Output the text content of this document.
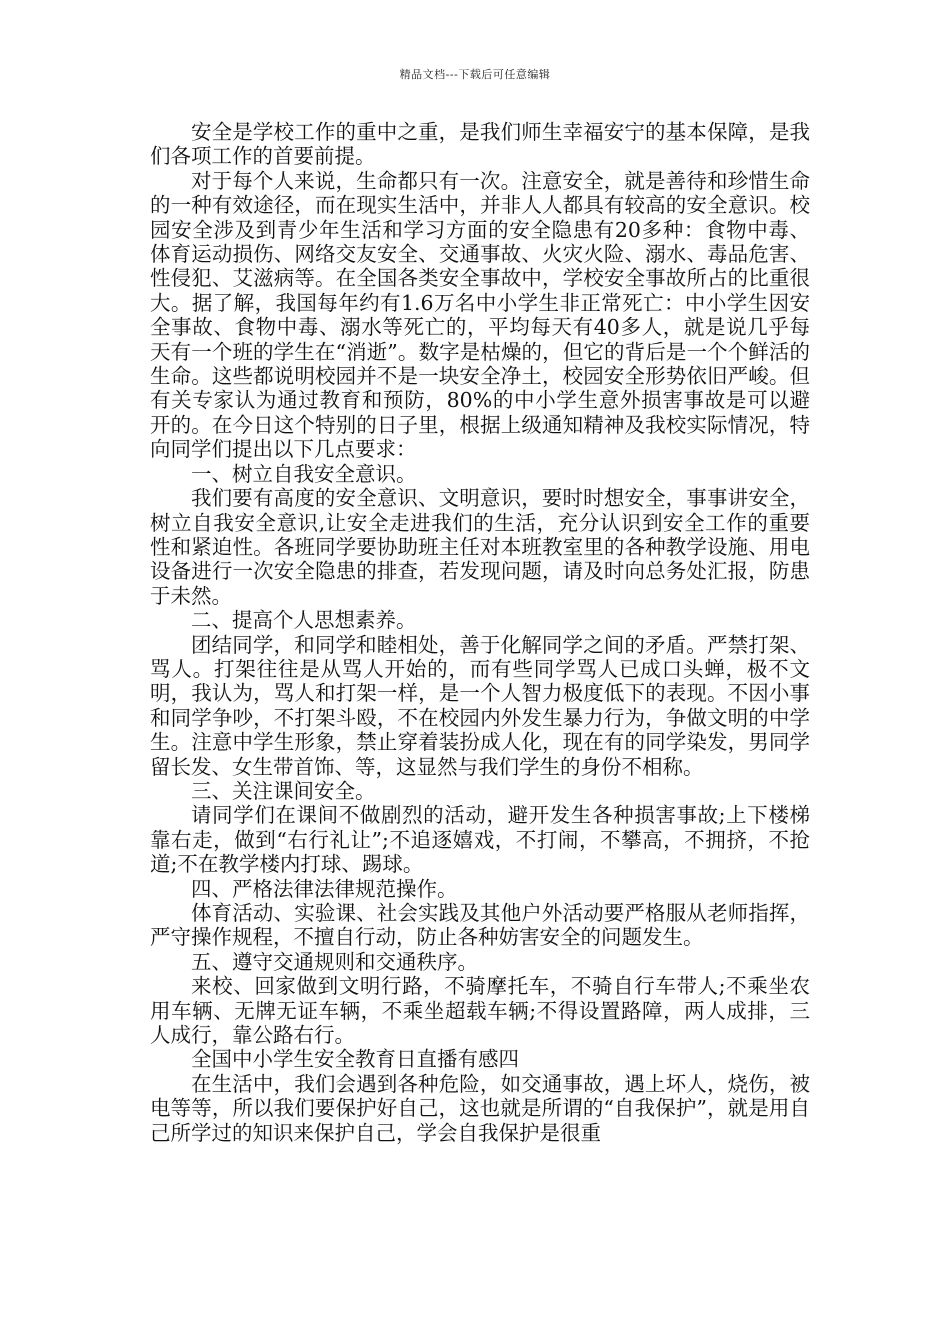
精品文档---下载后可任意编辑

安全是学校工作的重中之重，是我们师生幸福安宁的基本保障，是我们各项工作的首要前提。

对于每个人来说，生命都只有一次。注意安全，就是善待和珍惜生命的一种有效途径，而在现实生活中，并非人人都具有较高的安全意识。校园安全涉及到青少年生活和学习方面的安全隐患有20多种：食物中毒、体育运动损伤、网络交友安全、交通事故、火灾火险、溺水、毒品危害、性侵犯、艾滋病等。在全国各类安全事故中，学校安全事故所占的比重很大。据了解，我国每年约有1.6万名中小学生非正常死亡：中小学生因安全事故、食物中毒、溺水等死亡的，平均每天有40多人，就是说几乎每天有一个班的学生在“消逝”。数字是枯燥的，但它的背后是一个个鲜活的生命。这些都说明校园并不是一块安全净土，校园安全形势依旧严峻。但有关专家认为通过教育和预防，80%的中小学生意外损害事故是可以避开的。在今日这个特别的日子里，根据上级通知精神及我校实际情况，特向同学们提出以下几点要求：

一、树立自我安全意识。

我们要有高度的安全意识、文明意识，要时时想安全，事事讲安全，树立自我安全意识,让安全走进我们的生活，充分认识到安全工作的重要性和紧迫性。各班同学要协助班主任对本班教室里的各种教学设施、用电设备进行一次安全隐患的排查，若发现问题，请及时向总务处汇报，防患于未然。

二、提高个人思想素养。

团结同学，和同学和睦相处，善于化解同学之间的矛盾。严禁打架、骂人。打架往往是从骂人开始的，而有些同学骂人已成口头蝉，极不文明，我认为，骂人和打架一样，是一个人智力极度低下的表现。不因小事和同学争吵，不打架斗殴，不在校园内外发生暴力行为，争做文明的中学生。注意中学生形象，禁止穿着装扮成人化，现在有的同学染发，男同学留长发、女生带首饰、等，这显然与我们学生的身份不相称。

三、关注课间安全。

请同学们在课间不做剧烈的活动，避开发生各种损害事故;上下楼梯靠右走，做到“右行礼让”;不追逐嬉戏，不打闹，不攀高，不拥挤，不抢道;不在教学楼内打球、踢球。

四、严格法律法律规范操作。

体育活动、实验课、社会实践及其他户外活动要严格服从老师指挥，严守操作规程，不擅自行动，防止各种妨害安全的问题发生。

五、遵守交通规则和交通秩序。

来校、回家做到文明行路，不骑摩托车，不骑自行车带人;不乘坐农用车辆、无牌无证车辆，不乘坐超载车辆;不得设置路障，两人成排，三人成行，靠公路右行。

全国中小学生安全教育日直播有感四

在生活中，我们会遇到各种危险，如交通事故，遇上坏人，烧伤，被电等等，所以我们要保护好自己，这也就是所谓的“自我保护”，就是用自己所学过的知识来保护自己，学会自我保护是很重
